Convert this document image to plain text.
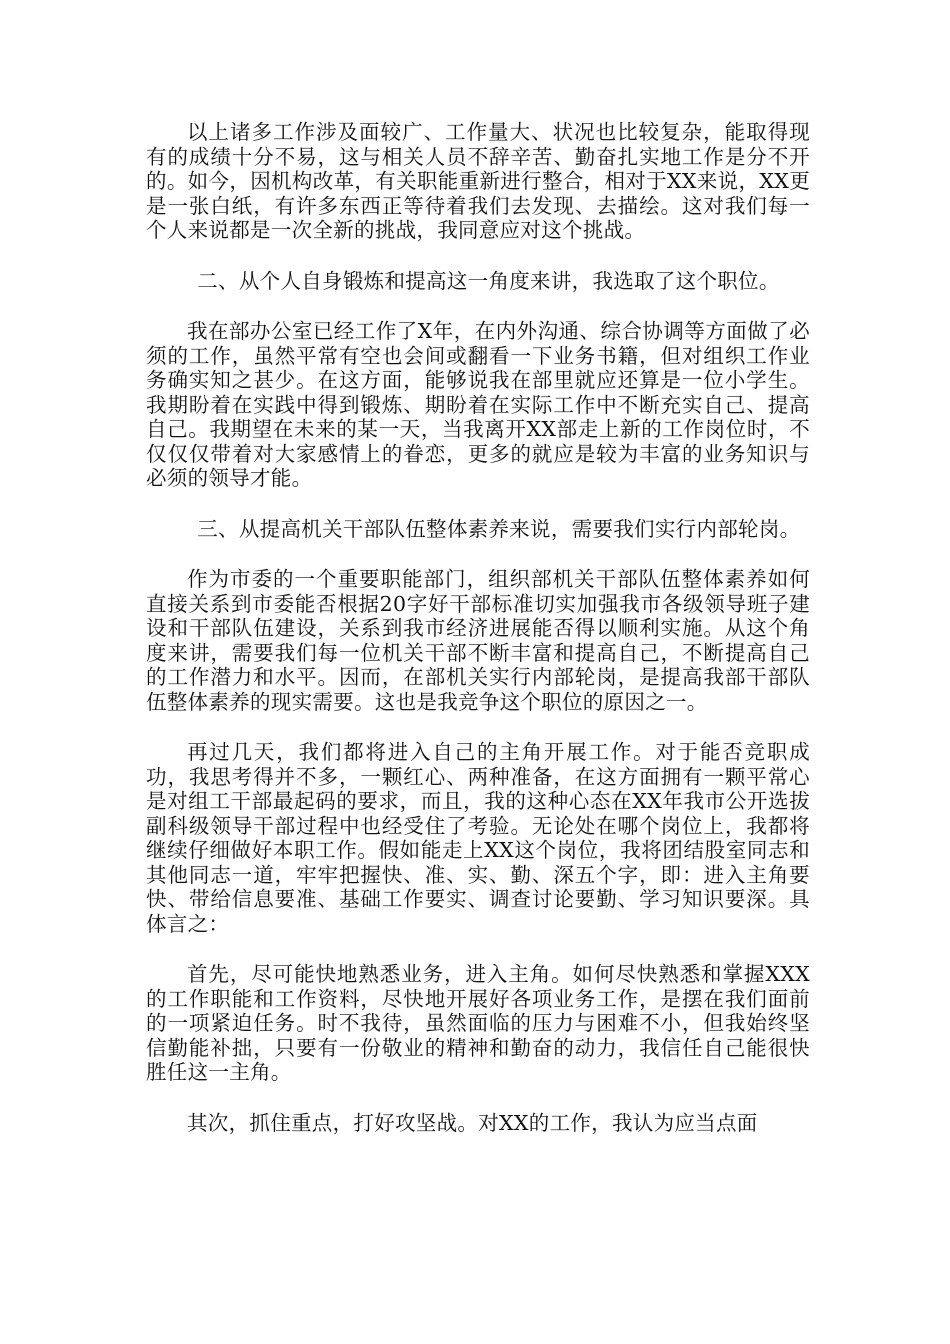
以上诸多工作涉及面较广、工作量大、状况也比较复杂，能取得现有的成绩十分不易，这与相关人员不辞辛苦、勤奋扎实地工作是分不开的。如今，因机构改革，有关职能重新进行整合，相对于XX来说，XX更是一张白纸，有许多东西正等待着我们去发现、去描绘。这对我们每一个人来说都是一次全新的挑战，我同意应对这个挑战。

二、从个人自身锻炼和提高这一角度来讲，我选取了这个职位。

我在部办公室已经工作了X年，在内外沟通、综合协调等方面做了必须的工作，虽然平常有空也会间或翻看一下业务书籍，但对组织工作业务确实知之甚少。在这方面，能够说我在部里就应还算是一位小学生。我期盼着在实践中得到锻炼、期盼着在实际工作中不断充实自己、提高自己。我期望在未来的某一天，当我离开XX部走上新的工作岗位时，不仅仅仅带着对大家感情上的眷恋，更多的就应是较为丰富的业务知识与必须的领导才能。

三、从提高机关干部队伍整体素养来说，需要我们实行内部轮岗。

作为市委的一个重要职能部门，组织部机关干部队伍整体素养如何直接关系到市委能否根据20字好干部标准切实加强我市各级领导班子建设和干部队伍建设，关系到我市经济进展能否得以顺利实施。从这个角度来讲，需要我们每一位机关干部不断丰富和提高自己，不断提高自己的工作潜力和水平。因而，在部机关实行内部轮岗，是提高我部干部队伍整体素养的现实需要。这也是我竞争这个职位的原因之一。

再过几天，我们都将进入自己的主角开展工作。对于能否竞职成功，我思考得并不多，一颗红心、两种准备，在这方面拥有一颗平常心是对组工干部最起码的要求，而且，我的这种心态在XX年我市公开选拔副科级领导干部过程中也经受住了考验。无论处在哪个岗位上，我都将继续仔细做好本职工作。假如能走上XX这个岗位，我将团结股室同志和其他同志一道，牢牢把握快、准、实、勤、深五个字，即：进入主角要快、带给信息要准、基础工作要实、调查讨论要勤、学习知识要深。具体言之：

首先，尽可能快地熟悉业务，进入主角。如何尽快熟悉和掌握XXX的工作职能和工作资料，尽快地开展好各项业务工作，是摆在我们面前的一项紧迫任务。时不我待，虽然面临的压力与困难不小，但我始终坚信勤能补拙，只要有一份敬业的精神和勤奋的动力，我信任自己能很快胜任这一主角。

其次，抓住重点，打好攻坚战。对XX的工作，我认为应当点面
